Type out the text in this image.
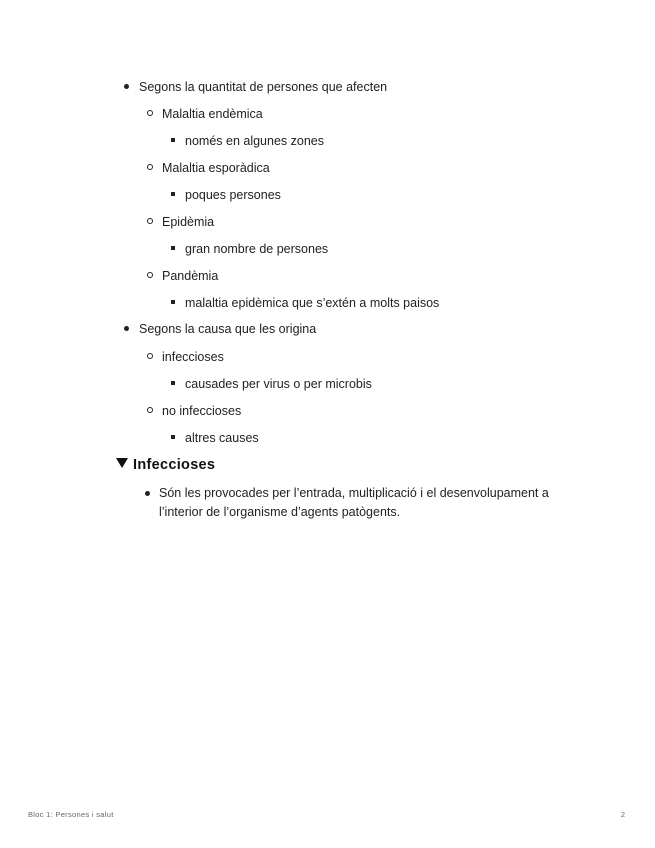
Segons la quantitat de persones que afecten
Malaltia endèmica
només en algunes zones
Malaltia esporàdica
poques persones
Epidèmia
gran nombre de persones
Pandèmia
malaltia epidèmica que s’extén a molts paisos
Segons la causa que les origina
infeccioses
causades per virus o per microbis
no infeccioses
altres causes
Infeccioses
Són les provocades per l’entrada, multiplicació i el desenvolupament a l’interior de l’organisme d’agents patògents.
Bloc 1: Persones i salut	2
